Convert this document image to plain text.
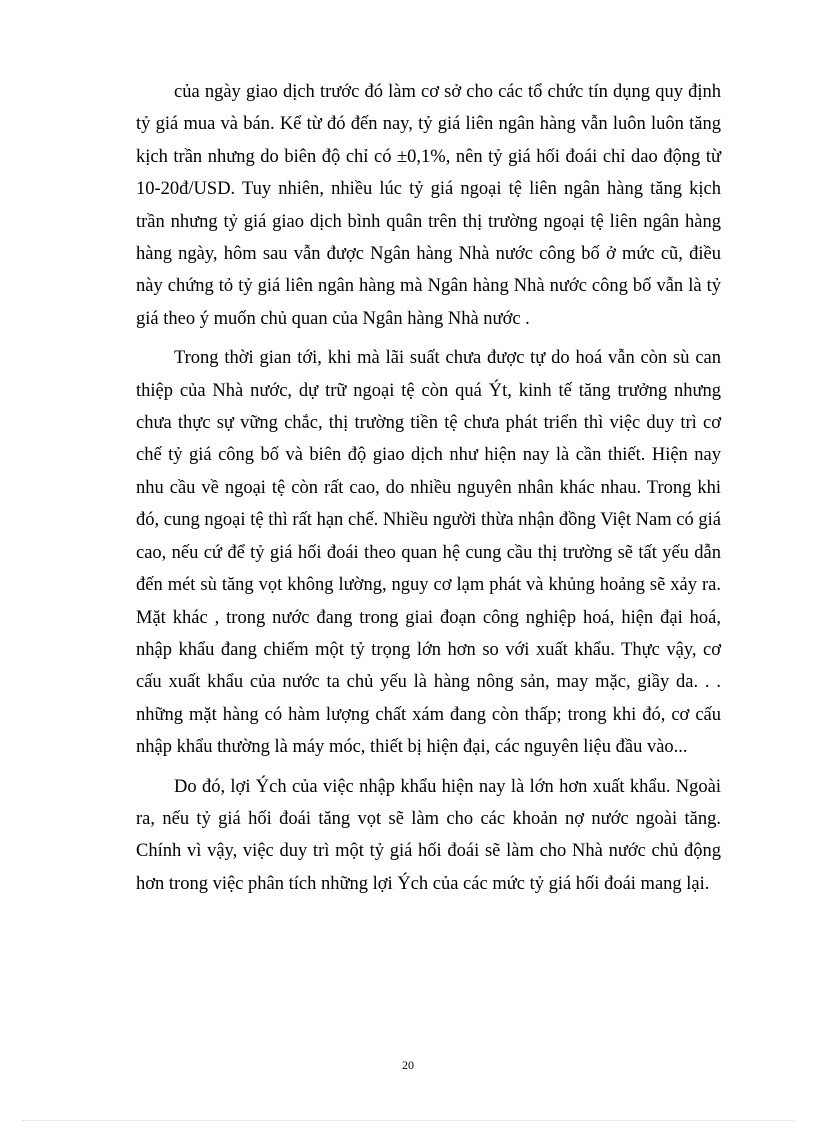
của ngày giao dịch trước đó làm cơ sở cho các tổ chức tín dụng quy định tỷ giá mua và bán. Kể từ đó đến nay, tỷ giá liên ngân hàng vẫn luôn luôn tăng kịch trần nhưng do biên độ chỉ có ±0,1%, nên tỷ giá hối đoái chỉ dao động từ 10-20đ/USD. Tuy nhiên, nhiều lúc tỷ giá ngoại tệ liên ngân hàng tăng kịch trần nhưng tỷ giá giao dịch bình quân trên thị trường ngoại tệ liên ngân hàng hàng ngày, hôm sau vẫn được Ngân hàng Nhà nước công bố ở mức cũ, điều này chứng tỏ tỷ giá liên ngân hàng mà Ngân hàng Nhà nước công bố vẫn là tỷ giá theo ý muốn chủ quan của Ngân hàng Nhà nước .

Trong thời gian tới, khi mà lãi suất chưa được tự do hoá vẫn còn sù can thiệp của Nhà nước, dự trữ ngoại tệ còn quá Ýt, kinh tế tăng trưởng nhưng chưa thực sự vững chắc, thị trường tiền tệ chưa phát triển thì việc duy trì cơ chế tỷ giá công bố và biên độ giao dịch như hiện nay là cần thiết. Hiện nay nhu cầu về ngoại tệ còn rất cao, do nhiều nguyên nhân khác nhau. Trong khi đó, cung ngoại tệ thì rất hạn chế. Nhiều người thừa nhận đồng Việt Nam có giá cao, nếu cứ để tỷ giá hối đoái theo quan hệ cung cầu thị trường sẽ tất yếu dẫn đến mét sù tăng vọt không lường, nguy cơ lạm phát và khủng hoảng sẽ xảy ra. Mặt khác , trong nước đang trong giai đoạn công nghiệp hoá, hiện đại hoá, nhập khẩu đang chiếm một tỷ trọng lớn hơn so với xuất khẩu. Thực vậy, cơ cấu xuất khẩu của nước ta chủ yếu là hàng nông sản, may mặc, giầy da. . . những mặt hàng có hàm lượng chất xám đang còn thấp; trong khi đó, cơ cấu nhập khẩu thường là máy móc, thiết bị hiện đại, các nguyên liệu đầu vào...

Do đó, lợi Ých của việc nhập khẩu hiện nay là lớn hơn xuất khẩu. Ngoài ra, nếu tỷ giá hối đoái tăng vọt sẽ làm cho các khoản nợ nước ngoài tăng. Chính vì vậy, việc duy trì một tỷ giá hối đoái sẽ làm cho Nhà nước chủ động hơn trong việc phân tích những lợi Ých của các mức tỷ giá hối đoái mang lại.

20
